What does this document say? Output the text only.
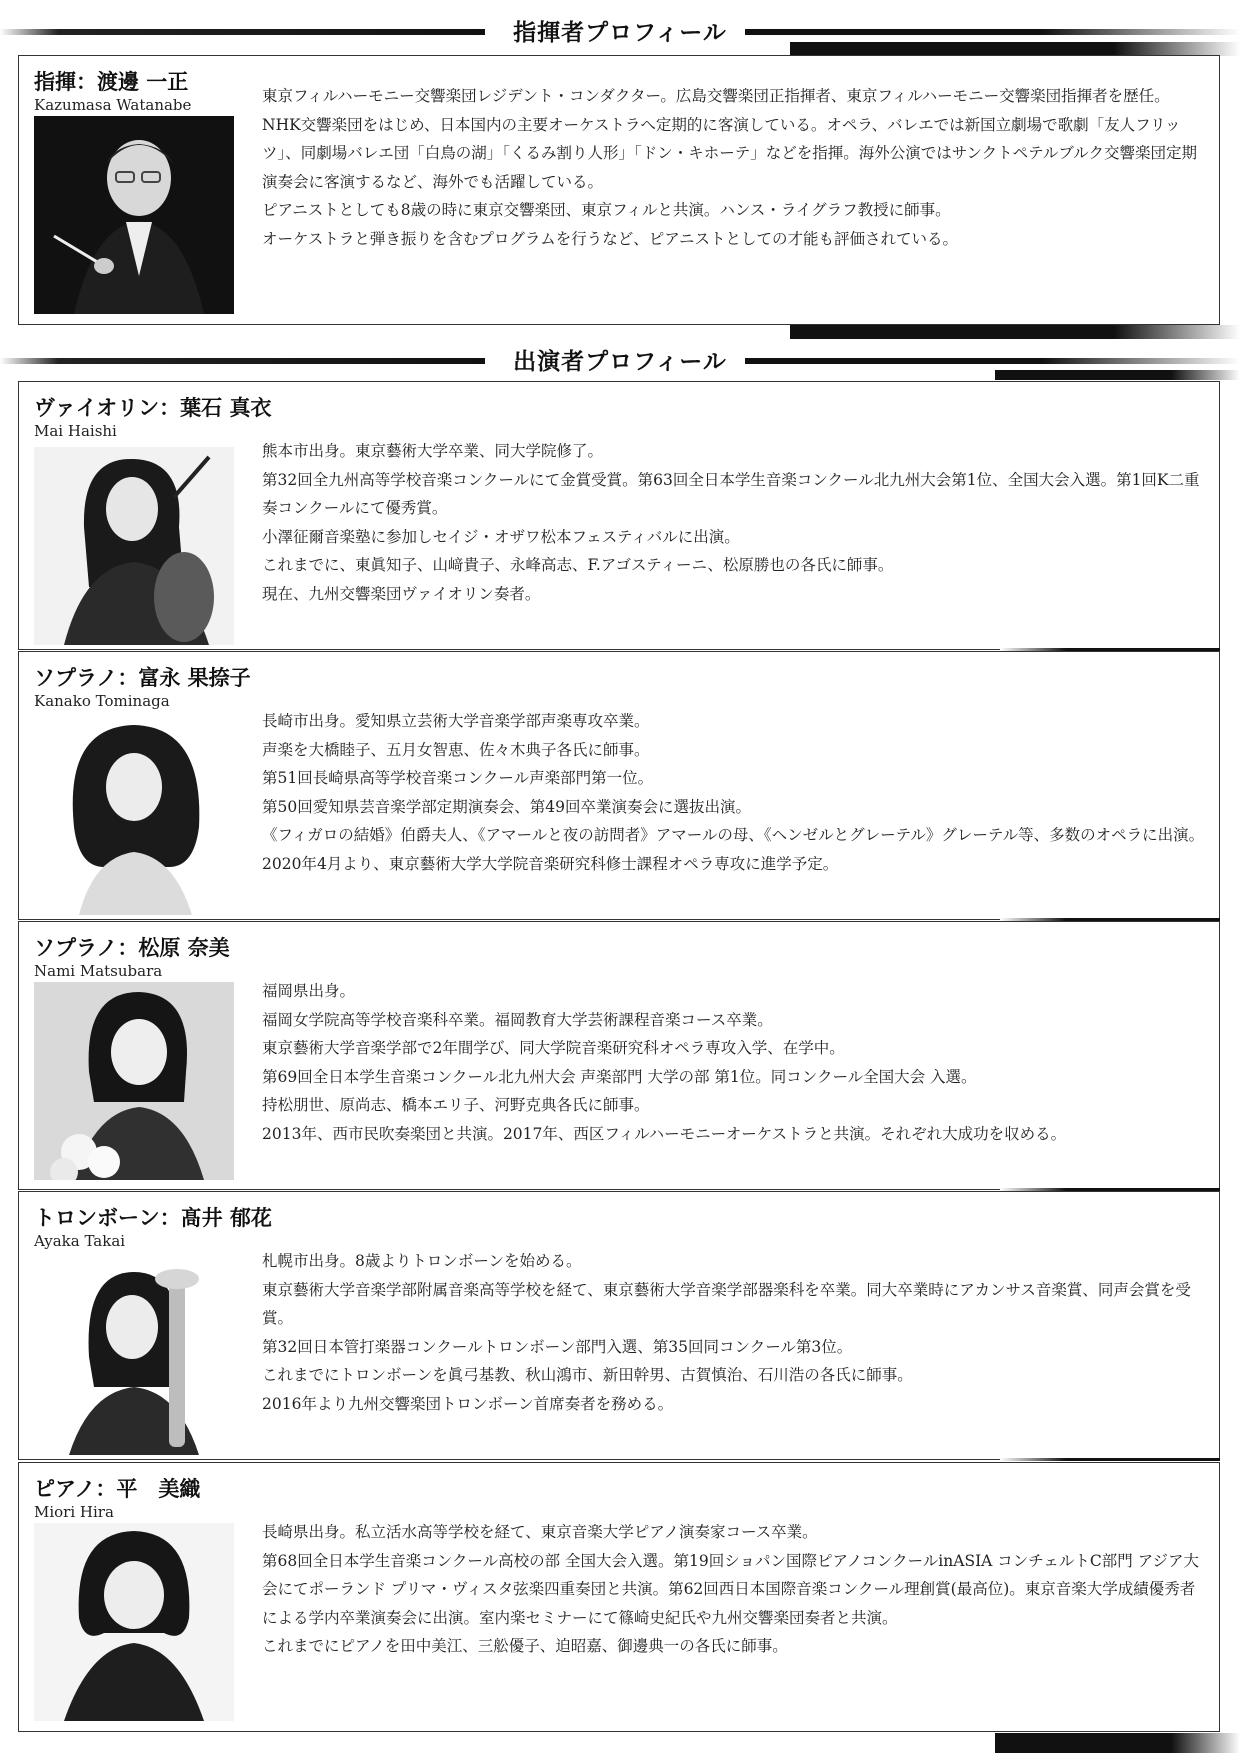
指揮者プロフィール
指揮：渡邊 一正
Kazumasa Watanabe	東京フィルハーモニー交響楽団レジデント・コンダクター。広島交響楽団正指揮者、東京フィルハーモニー交響楽団指揮者を歴任。

NHK交響楽団をはじめ、日本国内の主要オーケストラへ定期的に客演している。オペラ、バレエでは新国立劇場で歌劇「友人フリッツ」、同劇場バレエ団「白鳥の湖」「くるみ割り人形」「ドン・キホーテ」などを指揮。海外公演ではサンクトペテルブルク交響楽団定期演奏会に客演するなど、海外でも活躍している。

ピアニストとしても8歳の時に東京交響楽団、東京フィルと共演。ハンス・ライグラフ教授に師事。

オーケストラと弾き振りを含むプログラムを行うなど、ピアニストとしての才能も評価されている。

出演者プロフィール
ヴァイオリン：葉石 真衣
Mai Haishi

熊本市出身。東京藝術大学卒業、同大学院修了。

第32回全九州高等学校音楽コンクールにて金賞受賞。第63回全日本学生音楽コンクール北九州大会第1位、全国大会入選。第1回K二重奏コンクールにて優秀賞。

小澤征爾音楽塾に参加しセイジ・オザワ松本フェスティバルに出演。

これまでに、東眞知子、山﨑貴子、永峰高志、F.アゴスティーニ、松原勝也の各氏に師事。

現在、九州交響楽団ヴァイオリン奏者。

ソプラノ：富永 果捺子
Kanako Tominaga

長崎市出身。愛知県立芸術大学音楽学部声楽専攻卒業。

声楽を大橋睦子、五月女智恵、佐々木典子各氏に師事。

第51回長崎県高等学校音楽コンクール声楽部門第一位。

第50回愛知県芸音楽学部定期演奏会、第49回卒業演奏会に選抜出演。

《フィガロの結婚》伯爵夫人、《アマールと夜の訪問者》アマールの母、《ヘンゼルとグレーテル》グレーテル等、多数のオペラに出演。

2020年4月より、東京藝術大学大学院音楽研究科修士課程オペラ専攻に進学予定。

ソプラノ：松原 奈美
Nami Matsubara

福岡県出身。

福岡女学院高等学校音楽科卒業。福岡教育大学芸術課程音楽コース卒業。

東京藝術大学音楽学部で2年間学び、同大学院音楽研究科オペラ専攻入学、在学中。

第69回全日本学生音楽コンクール北九州大会 声楽部門 大学の部 第1位。同コンクール全国大会 入選。

持松朋世、原尚志、橋本エリ子、河野克典各氏に師事。

2013年、西市民吹奏楽団と共演。2017年、西区フィルハーモニーオーケストラと共演。それぞれ大成功を収める。

トロンボーン：髙井 郁花
Ayaka Takai

札幌市出身。8歳よりトロンボーンを始める。

東京藝術大学音楽学部附属音楽高等学校を経て、東京藝術大学音楽学部器楽科を卒業。同大卒業時にアカンサス音楽賞、同声会賞を受賞。

第32回日本管打楽器コンクールトロンボーン部門入選、第35回同コンクール第3位。

これまでにトロンボーンを眞弓基教、秋山鴻市、新田幹男、古賀慎治、石川浩の各氏に師事。

2016年より九州交響楽団トロンボーン首席奏者を務める。

ピアノ：平　美織
Miori Hira

長崎県出身。私立活水高等学校を経て、東京音楽大学ピアノ演奏家コース卒業。

第68回全日本学生音楽コンクール高校の部 全国大会入選。第19回ショパン国際ピアノコンクールinASIA コンチェルトC部門 アジア大会にてポーランド プリマ・ヴィスタ弦楽四重奏団と共演。第62回西日本国際音楽コンクール理創賞(最高位)。東京音楽大学成績優秀者による学内卒業演奏会に出演。室内楽セミナーにて篠崎史紀氏や九州交響楽団奏者と共演。

これまでにピアノを田中美江、三舩優子、迫昭嘉、御邊典一の各氏に師事。
